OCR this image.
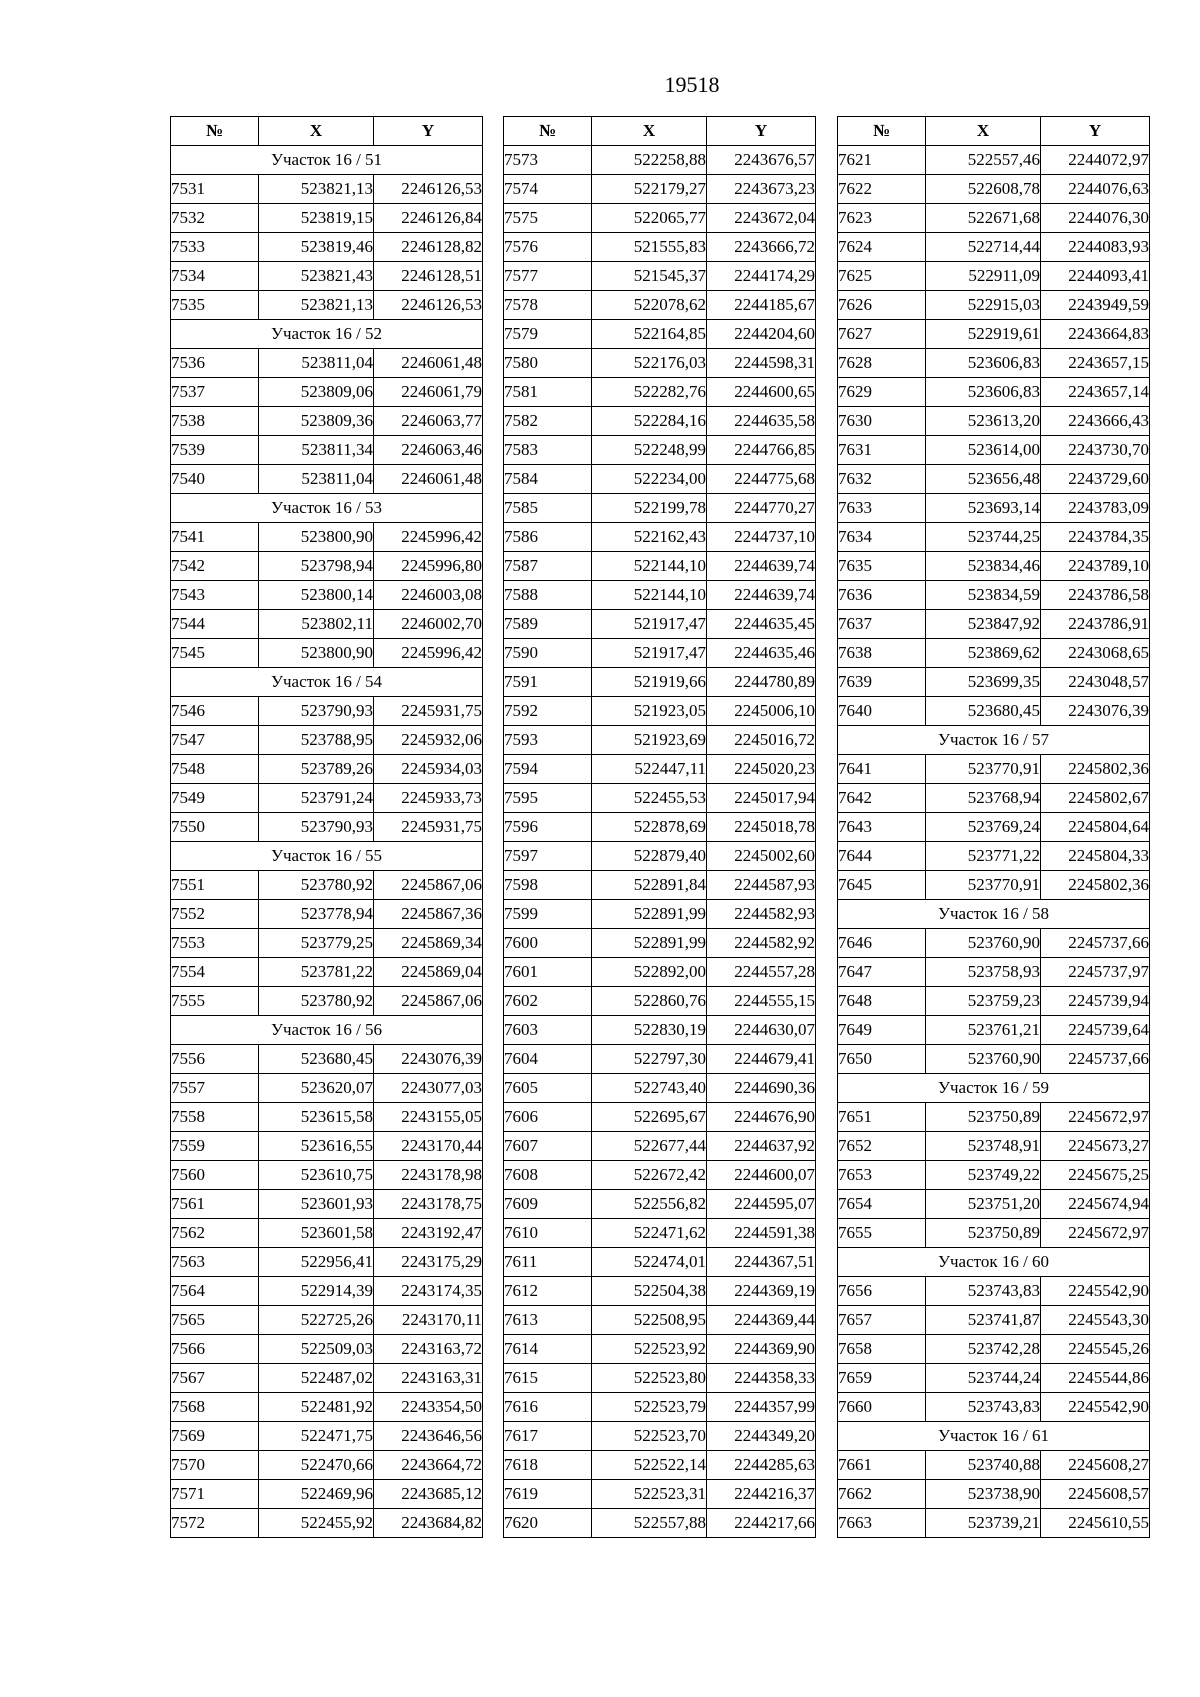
19518
№	X	Y
Участок 16 / 51		
7531	523821,13	2246126,53
7532	523819,15	2246126,84
7533	523819,46	2246128,82
7534	523821,43	2246128,51
7535	523821,13	2246126,53
Участок 16 / 52		
7536	523811,04	2246061,48
7537	523809,06	2246061,79
7538	523809,36	2246063,77
7539	523811,34	2246063,46
7540	523811,04	2246061,48
Участок 16 / 53		
7541	523800,90	2245996,42
7542	523798,94	2245996,80
7543	523800,14	2246003,08
7544	523802,11	2246002,70
7545	523800,90	2245996,42
Участок 16 / 54		
7546	523790,93	2245931,75
7547	523788,95	2245932,06
7548	523789,26	2245934,03
7549	523791,24	2245933,73
7550	523790,93	2245931,75
Участок 16 / 55		
7551	523780,92	2245867,06
7552	523778,94	2245867,36
7553	523779,25	2245869,34
7554	523781,22	2245869,04
7555	523780,92	2245867,06
Участок 16 / 56		
7556	523680,45	2243076,39
7557	523620,07	2243077,03
7558	523615,58	2243155,05
7559	523616,55	2243170,44
7560	523610,75	2243178,98
7561	523601,93	2243178,75
7562	523601,58	2243192,47
7563	522956,41	2243175,29
7564	522914,39	2243174,35
7565	522725,26	2243170,11
7566	522509,03	2243163,72
7567	522487,02	2243163,31
7568	522481,92	2243354,50
7569	522471,75	2243646,56
7570	522470,66	2243664,72
7571	522469,96	2243685,12
7572	522455,92	2243684,82
№	X	Y
7573	522258,88	2243676,57
7574	522179,27	2243673,23
7575	522065,77	2243672,04
7576	521555,83	2243666,72
7577	521545,37	2244174,29
7578	522078,62	2244185,67
7579	522164,85	2244204,60
7580	522176,03	2244598,31
7581	522282,76	2244600,65
7582	522284,16	2244635,58
7583	522248,99	2244766,85
7584	522234,00	2244775,68
7585	522199,78	2244770,27
7586	522162,43	2244737,10
7587	522144,10	2244639,74
7588	522144,10	2244639,74
7589	521917,47	2244635,45
7590	521917,47	2244635,46
7591	521919,66	2244780,89
7592	521923,05	2245006,10
7593	521923,69	2245016,72
7594	522447,11	2245020,23
7595	522455,53	2245017,94
7596	522878,69	2245018,78
7597	522879,40	2245002,60
7598	522891,84	2244587,93
7599	522891,99	2244582,93
7600	522891,99	2244582,92
7601	522892,00	2244557,28
7602	522860,76	2244555,15
7603	522830,19	2244630,07
7604	522797,30	2244679,41
7605	522743,40	2244690,36
7606	522695,67	2244676,90
7607	522677,44	2244637,92
7608	522672,42	2244600,07
7609	522556,82	2244595,07
7610	522471,62	2244591,38
7611	522474,01	2244367,51
7612	522504,38	2244369,19
7613	522508,95	2244369,44
7614	522523,92	2244369,90
7615	522523,80	2244358,33
7616	522523,79	2244357,99
7617	522523,70	2244349,20
7618	522522,14	2244285,63
7619	522523,31	2244216,37
7620	522557,88	2244217,66
№	X	Y
7621	522557,46	2244072,97
7622	522608,78	2244076,63
7623	522671,68	2244076,30
7624	522714,44	2244083,93
7625	522911,09	2244093,41
7626	522915,03	2243949,59
7627	522919,61	2243664,83
7628	523606,83	2243657,15
7629	523606,83	2243657,14
7630	523613,20	2243666,43
7631	523614,00	2243730,70
7632	523656,48	2243729,60
7633	523693,14	2243783,09
7634	523744,25	2243784,35
7635	523834,46	2243789,10
7636	523834,59	2243786,58
7637	523847,92	2243786,91
7638	523869,62	2243068,65
7639	523699,35	2243048,57
7640	523680,45	2243076,39
Участок 16 / 57		
7641	523770,91	2245802,36
7642	523768,94	2245802,67
7643	523769,24	2245804,64
7644	523771,22	2245804,33
7645	523770,91	2245802,36
Участок 16 / 58		
7646	523760,90	2245737,66
7647	523758,93	2245737,97
7648	523759,23	2245739,94
7649	523761,21	2245739,64
7650	523760,90	2245737,66
Участок 16 / 59		
7651	523750,89	2245672,97
7652	523748,91	2245673,27
7653	523749,22	2245675,25
7654	523751,20	2245674,94
7655	523750,89	2245672,97
Участок 16 / 60		
7656	523743,83	2245542,90
7657	523741,87	2245543,30
7658	523742,28	2245545,26
7659	523744,24	2245544,86
7660	523743,83	2245542,90
Участок 16 / 61		
7661	523740,88	2245608,27
7662	523738,90	2245608,57
7663	523739,21	2245610,55
